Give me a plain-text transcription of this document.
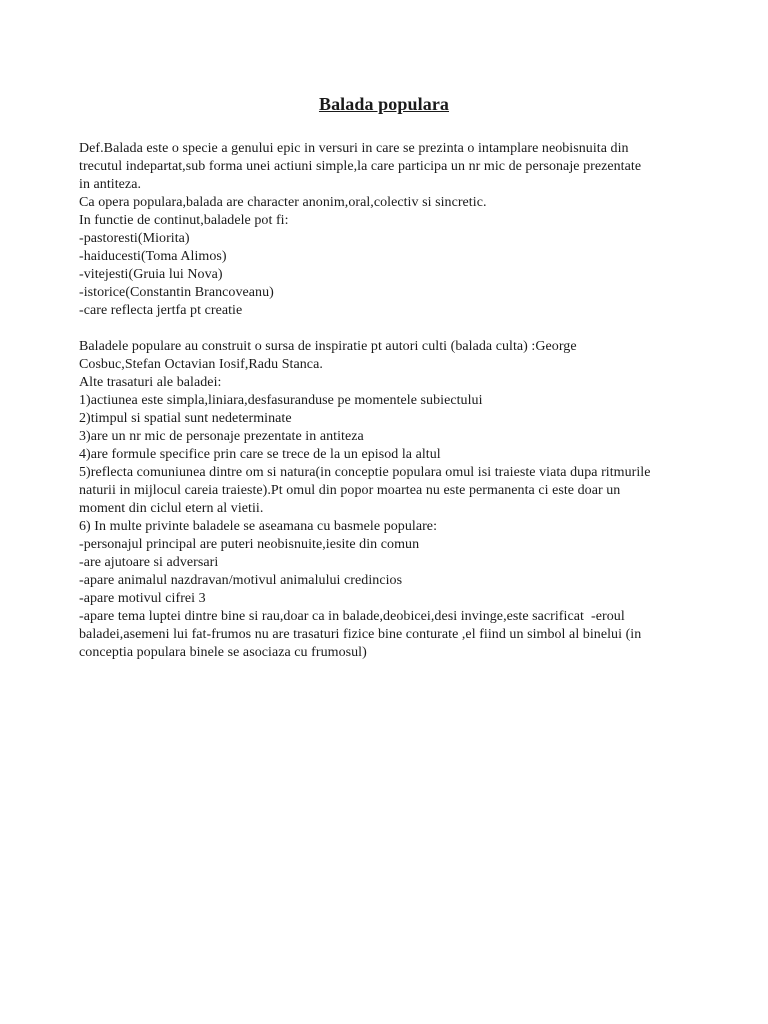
Balada populara
Def.Balada este o specie a genului epic in versuri in care se prezinta o intamplare neobisnuita din
trecutul indepartat,sub forma unei actiuni simple,la care participa un nr mic de personaje prezentate
in antiteza.
Ca opera populara,balada are character anonim,oral,colectiv si sincretic.
In functie de continut,baladele pot fi:
-pastoresti(Miorita)
-haiducesti(Toma Alimos)
-vitejesti(Gruia lui Nova)
-istorice(Constantin Brancoveanu)
-care reflecta jertfa pt creatie
Baladele populare au construit o sursa de inspiratie pt autori culti (balada culta) :George
Cosbuc,Stefan Octavian Iosif,Radu Stanca.
Alte trasaturi ale baladei:
1)actiunea este simpla,liniara,desfasuranduse pe momentele subiectului
2)timpul si spatial sunt nedeterminate
3)are un nr mic de personaje prezentate in antiteza
4)are formule specifice prin care se trece de la un episod la altul
5)reflecta comuniunea dintre om si natura(in conceptie populara omul isi traieste viata dupa ritmurile
naturii in mijlocul careia traieste).Pt omul din popor moartea nu este permanenta ci este doar un
moment din ciclul etern al vietii.
6) In multe privinte baladele se aseamana cu basmele populare:
-personajul principal are puteri neobisnuite,iesite din comun
-are ajutoare si adversari
-apare animalul nazdravan/motivul animalului credincios
-apare motivul cifrei 3
-apare tema luptei dintre bine si rau,doar ca in balade,deobicei,desi invinge,este sacrificat  -eroul
baladei,asemeni lui fat-frumos nu are trasaturi fizice bine conturate ,el fiind un simbol al binelui (in
conceptia populara binele se asociaza cu frumosul)
